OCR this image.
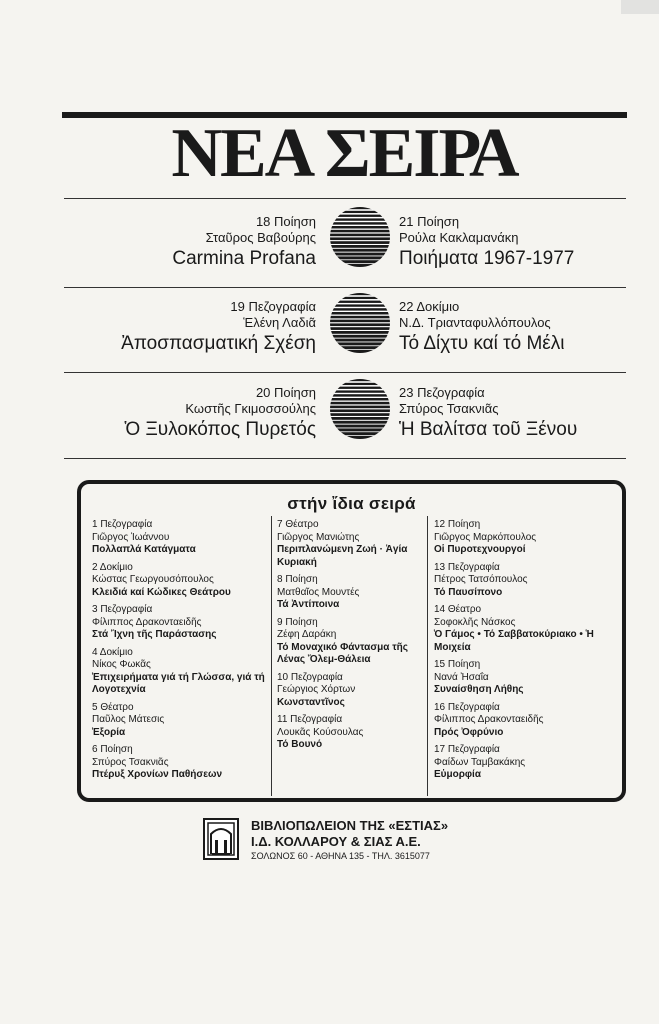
ΝΕΑ ΣΕΙΡΑ
18 Ποίηση
Σταῦρος Βαβούρης
Carmina Profana
21 Ποίηση
Ρούλα Κακλαμανάκη
Ποιήματα 1967-1977
19 Πεζογραφία
Ἑλένη Λαδιᾶ
Ἀποσπασματική Σχέση
22 Δοκίμιο
Ν.Δ. Τριανταφυλλόπουλος
Τό Δίχτυ καί τό Μέλι
20 Ποίηση
Κωστῆς Γκιμοσσούλης
Ὁ Ξυλοκόπος Πυρετός
23 Πεζογραφία
Σπύρος Τσακνιᾶς
Ἡ Βαλίτσα τοῦ Ξένου
στήν ἴδια σειρά
1 Πεζογραφία
Γιῶργος Ἰωάννου
Πολλαπλά Κατάγματα
2 Δοκίμιο
Κώστας Γεωργουσόπουλος
Κλειδιά καί Κώδικες Θεάτρου
3 Πεζογραφία
Φίλιππος Δρακονταειδῆς
Στά Ἴχνη τῆς Παράστασης
4 Δοκίμιο
Νίκος Φωκᾶς
Ἐπιχειρήματα γιά τή Γλώσσα, γιά τή Λογοτεχνία
5 Θέατρο
Παῦλος Μάτεσις
Ἐξορία
6 Ποίηση
Σπύρος Τσακνιᾶς
Πτέρυξ Χρονίων Παθήσεων
7 Θέατρο
Γιῶργος Μανιώτης
Περιπλανώμενη Ζωή · Ἁγία Κυριακή
8 Ποίηση
Ματθαῖος Μουντές
Τά Ἀντίποινα
9 Ποίηση
Ζέφη Δαράκη
Τό Μοναχικό Φάντασμα τῆς Λένας Ὄλεμ-Θάλεια
10 Πεζογραφία
Γεώργιος Χόρτων
Κωνσταντῖνος
11 Πεζογραφία
Λουκᾶς Κούσουλας
Τό Βουνό
12 Ποίηση
Γιῶργος Μαρκόπουλος
Οἱ Πυροτεχνουργοί
13 Πεζογραφία
Πέτρος Τατσόπουλος
Τό Παυσίπονο
14 Θέατρο
Σοφοκλῆς Νάσκος
Ὁ Γάμος • Τό Σαββατοκύριακο • Ἡ Μοιχεία
15 Ποίηση
Νανά Ἠσαΐα
Συναίσθηση Λήθης
16 Πεζογραφία
Φίλιππος Δρακονταειδῆς
Πρός Ὀφρύνιο
17 Πεζογραφία
Φαίδων Ταμβακάκης
Εὐμορφία
ΒΙΒΛΙΟΠΩΛΕΙΟΝ ΤΗΣ «ΕΣΤΙΑΣ»
Ι.Δ. ΚΟΛΛΑΡΟΥ & ΣΙΑΣ Α.Ε.
ΣΟΛΩΝΟΣ 60 - ΑΘΗΝΑ 135 - ΤΗΛ. 3615077
